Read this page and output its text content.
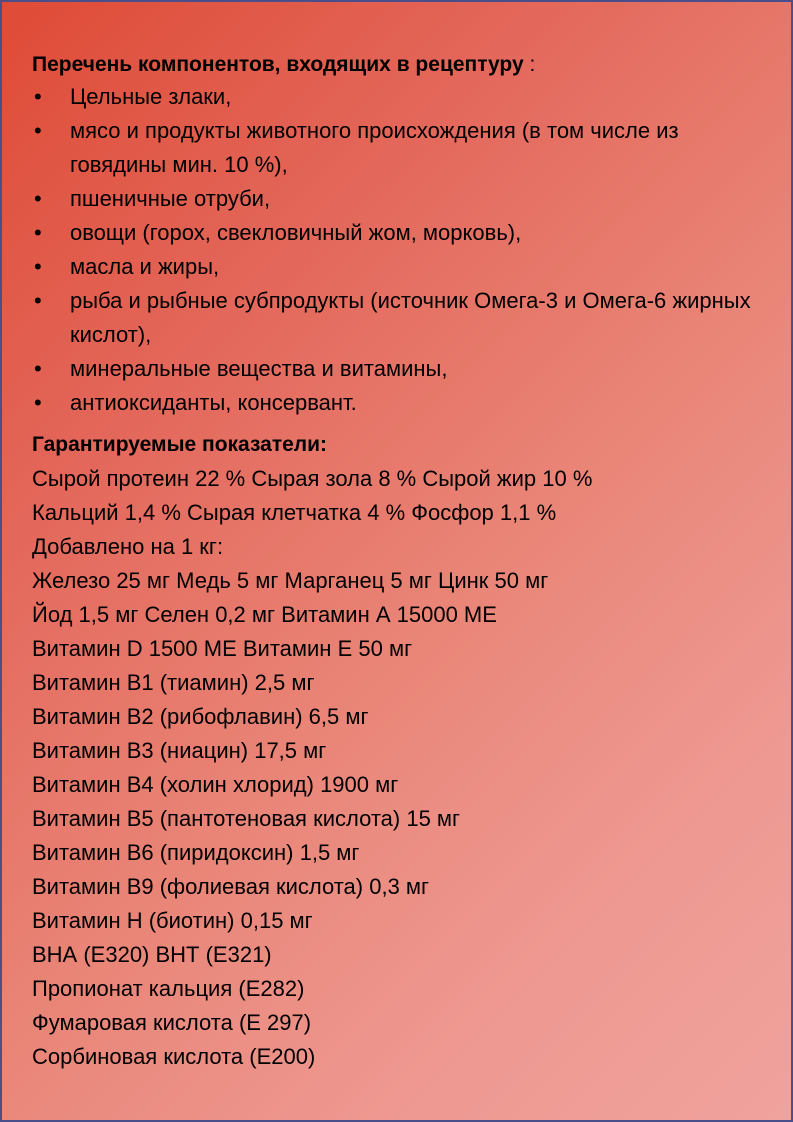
Перечень компонентов, входящих в рецептуру :
• Цельные злаки,
• мясо и продукты животного происхождения (в том числе из говядины мин. 10 %),
• пшеничные отруби,
• овощи (горох, свекловичный жом, морковь),
• масла и жиры,
• рыба и рыбные субпродукты (источник Омега-3 и Омега-6 жирных кислот),
• минеральные вещества и витамины,
• антиоксиданты, консервант.
Гарантируемые показатели:
Сырой протеин 22 % Сырая зола 8 % Сырой жир 10 %
Кальций 1,4 % Сырая клетчатка 4 % Фосфор 1,1 %
Добавлено на 1 кг:
Железо 25 мг Медь 5 мг Марганец 5 мг Цинк 50 мг
Йод 1,5 мг Селен 0,2 мг Витамин А 15000 МЕ
Витамин D 1500 МЕ Витамин Е 50 мг
Витамин В1 (тиамин) 2,5 мг
Витамин В2 (рибофлавин) 6,5 мг
Витамин В3 (ниацин) 17,5 мг
Витамин В4 (холин хлорид) 1900 мг
Витамин В5 (пантотеновая кислота) 15 мг
Витамин В6 (пиридоксин) 1,5 мг
Витамин В9 (фолиевая кислота) 0,3 мг
Витамин Н (биотин) 0,15 мг
ВНА (Е320) ВНТ (Е321)
Пропионат кальция (Е282)
Фумаровая кислота (Е 297)
Сорбиновая кислота (Е200)
